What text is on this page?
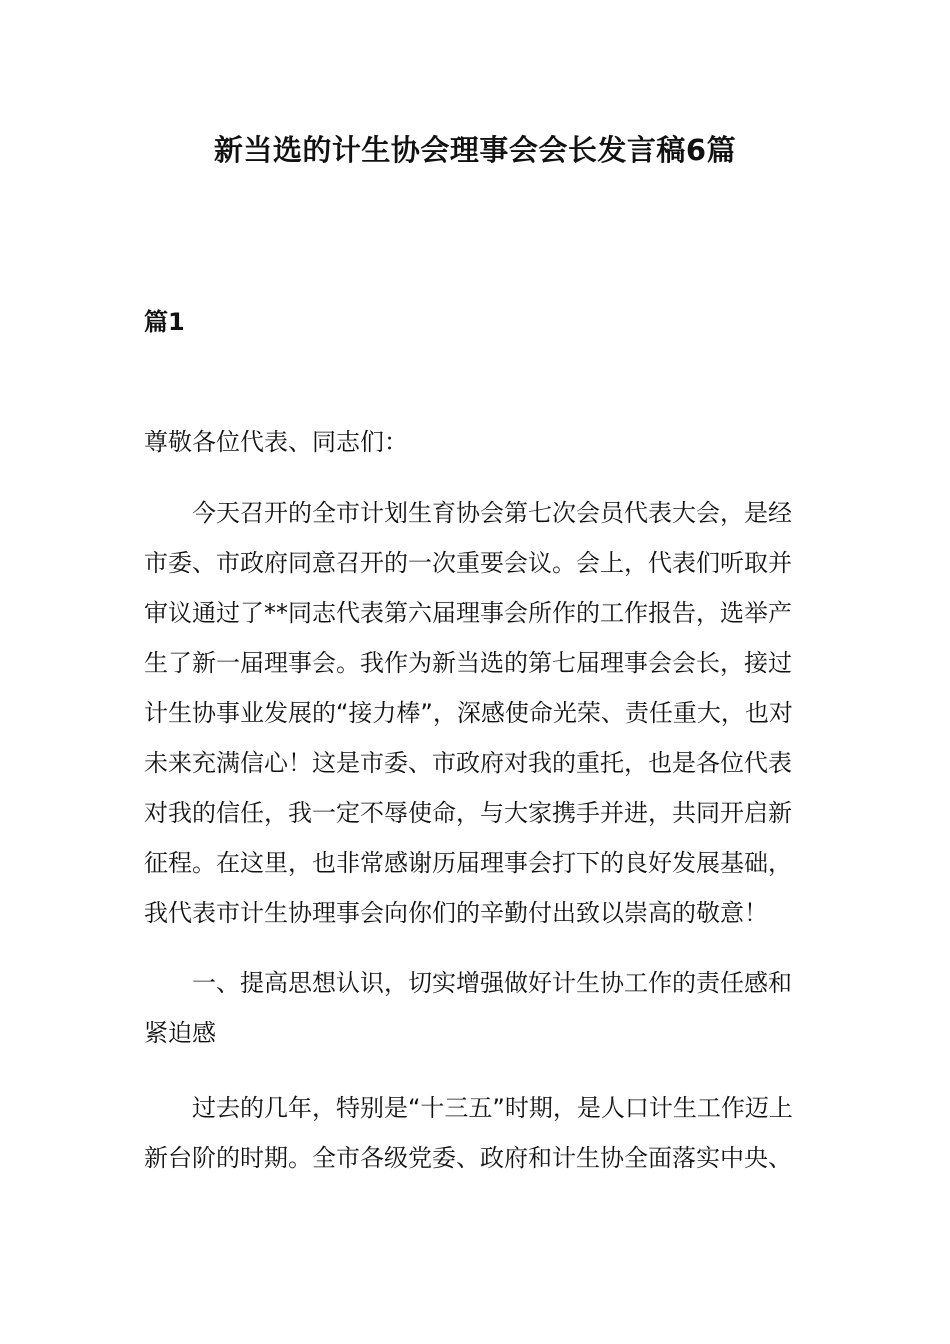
新当选的计生协会理事会会长发言稿6篇
篇1

尊敬各位代表、同志们：

今天召开的全市计划生育协会第七次会员代表大会，是经
市委、市政府同意召开的一次重要会议。会上，代表们听取并
审议通过了**同志代表第六届理事会所作的工作报告，选举产
生了新一届理事会。我作为新当选的第七届理事会会长，接过
计生协事业发展的“接力棒”，深感使命光荣、责任重大，也对
未来充满信心！这是市委、市政府对我的重托，也是各位代表
对我的信任，我一定不辱使命，与大家携手并进，共同开启新
征程。在这里，也非常感谢历届理事会打下的良好发展基础，
我代表市计生协理事会向你们的辛勤付出致以崇高的敬意！

一、提高思想认识，切实增强做好计生协工作的责任感和
紧迫感

过去的几年，特别是“十三五”时期，是人口计生工作迈上
新台阶的时期。全市各级党委、政府和计生协全面落实中央、
